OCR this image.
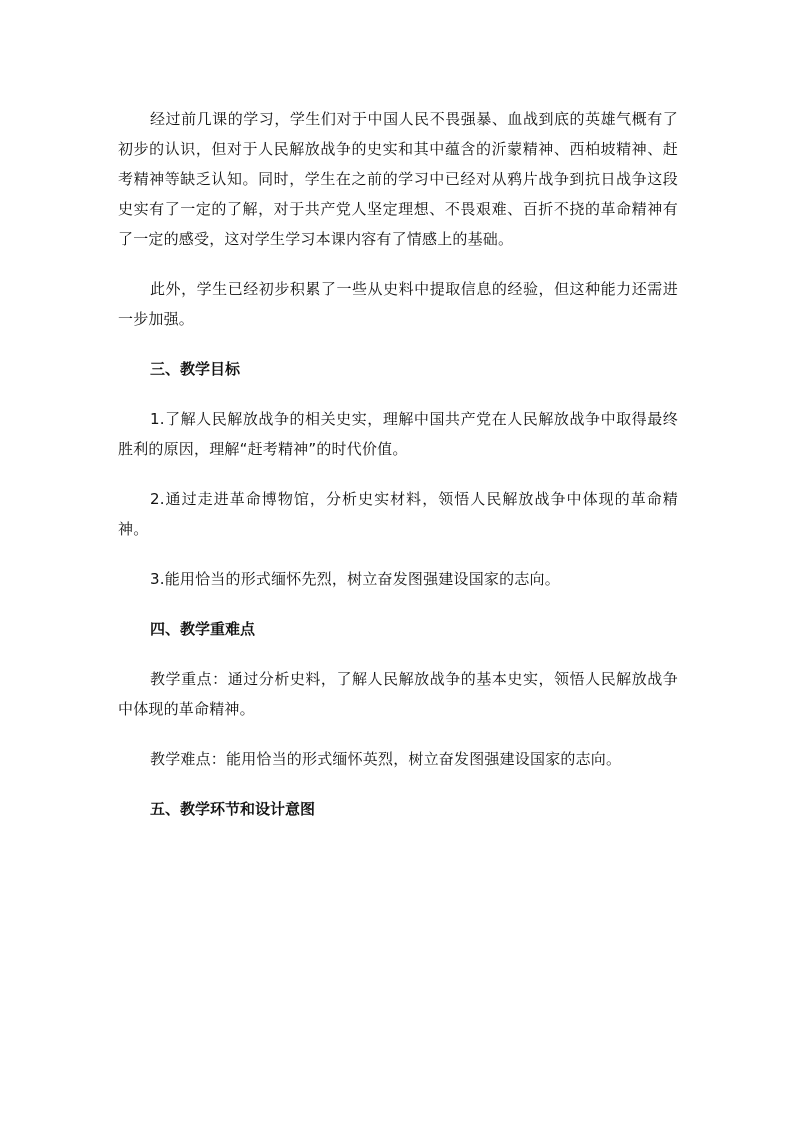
经过前几课的学习，学生们对于中国人民不畏强暴、血战到底的英雄气概有了初步的认识，但对于人民解放战争的史实和其中蕴含的沂蒙精神、西柏坡精神、赶考精神等缺乏认知。同时，学生在之前的学习中已经对从鸦片战争到抗日战争这段史实有了一定的了解，对于共产党人坚定理想、不畏艰难、百折不挠的革命精神有了一定的感受，这对学生学习本课内容有了情感上的基础。

此外，学生已经初步积累了一些从史料中提取信息的经验，但这种能力还需进一步加强。

三、教学目标

1.了解人民解放战争的相关史实，理解中国共产党在人民解放战争中取得最终胜利的原因，理解“赶考精神”的时代价值。

2.通过走进革命博物馆，分析史实材料，领悟人民解放战争中体现的革命精神。

3.能用恰当的形式缅怀先烈，树立奋发图强建设国家的志向。

四、教学重难点

教学重点：通过分析史料，了解人民解放战争的基本史实，领悟人民解放战争中体现的革命精神。

教学难点：能用恰当的形式缅怀英烈，树立奋发图强建设国家的志向。

五、教学环节和设计意图
